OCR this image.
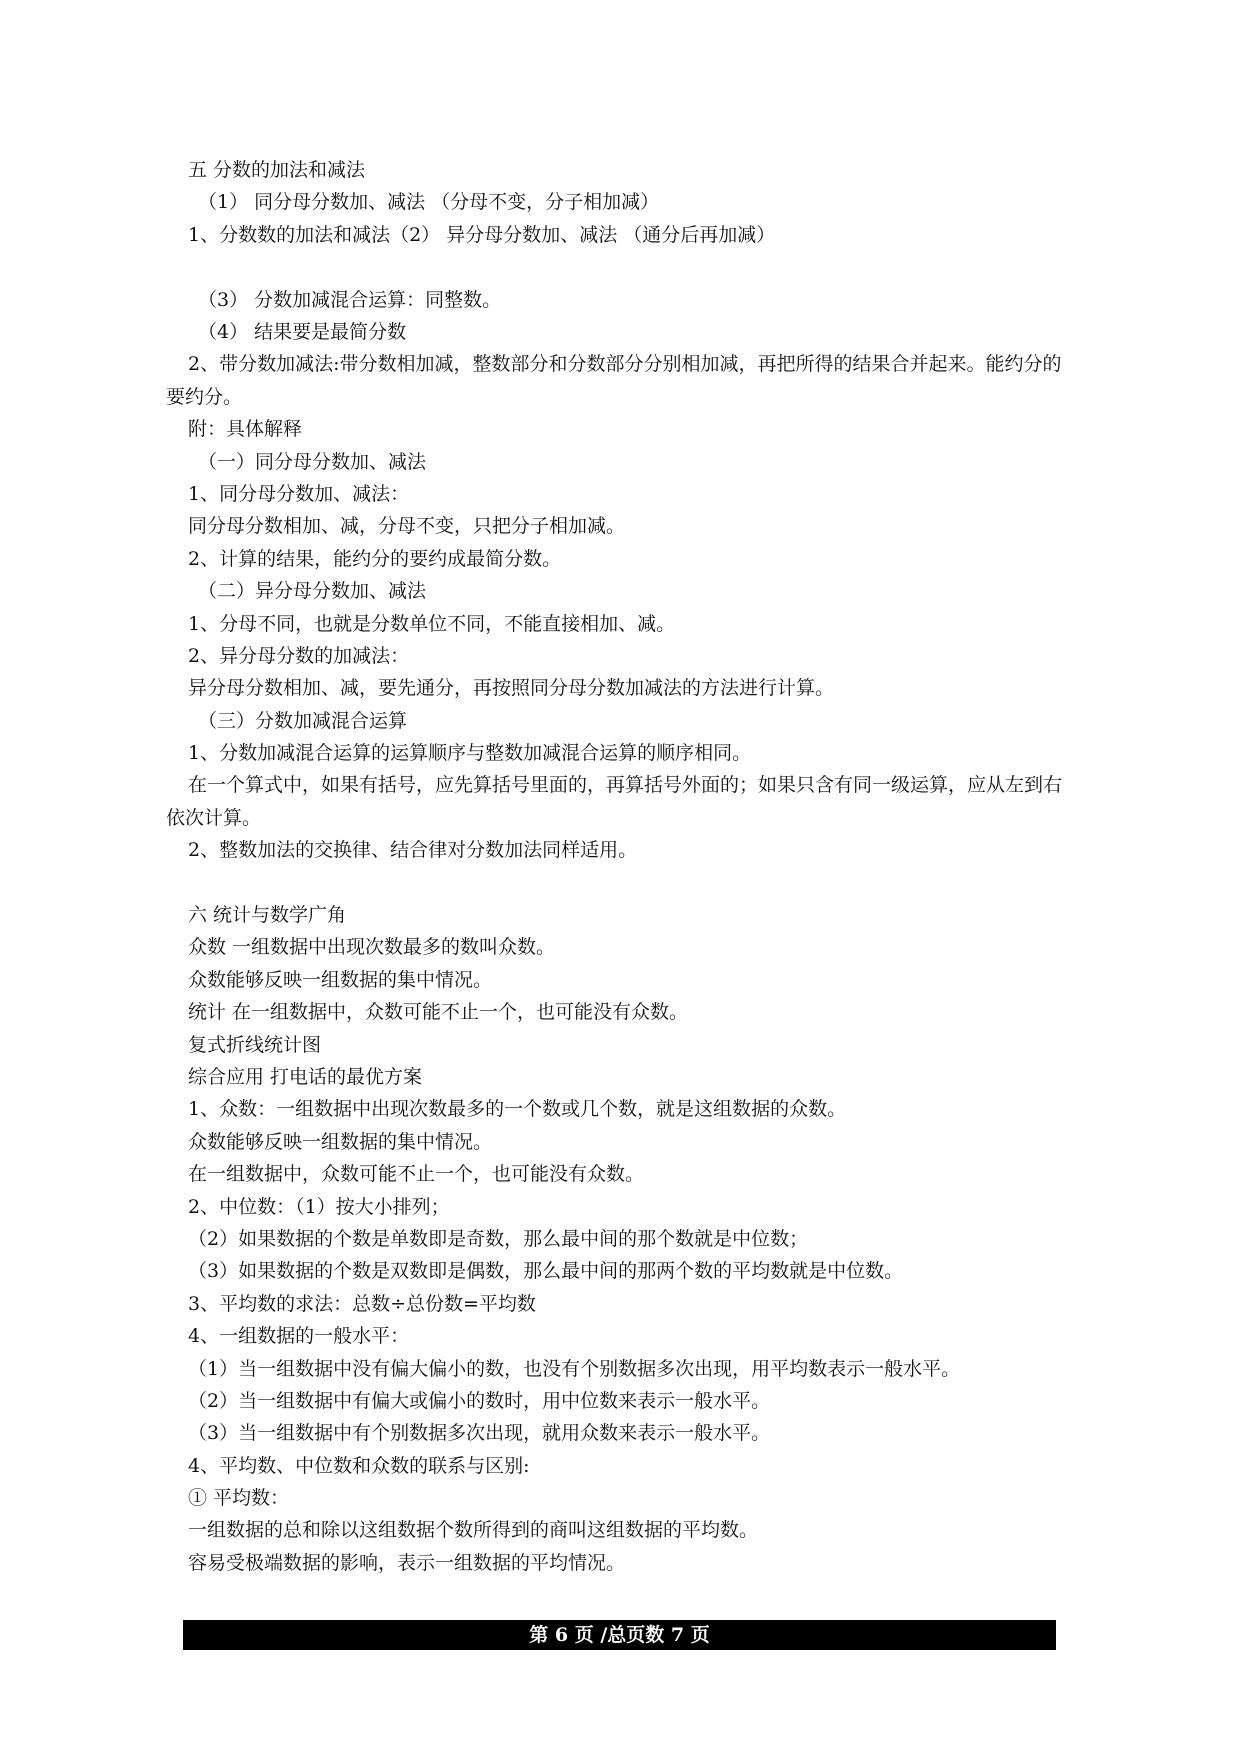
五 分数的加法和减法
（1） 同分母分数加、减法 （分母不变，分子相加减）
1、分数数的加法和减法（2） 异分母分数加、减法 （通分后再加减）
（3） 分数加减混合运算：同整数。
（4） 结果要是最简分数
2、带分数加减法:带分数相加减，整数部分和分数部分分别相加减，再把所得的结果合并起来。能约分的要约分。
附：具体解释
（一）同分母分数加、减法
1、同分母分数加、减法：
同分母分数相加、减，分母不变，只把分子相加减。
2、计算的结果，能约分的要约成最简分数。
（二）异分母分数加、减法
1、分母不同，也就是分数单位不同，不能直接相加、减。
2、异分母分数的加减法：
异分母分数相加、减，要先通分，再按照同分母分数加减法的方法进行计算。
（三）分数加减混合运算
1、分数加减混合运算的运算顺序与整数加减混合运算的顺序相同。
在一个算式中，如果有括号，应先算括号里面的，再算括号外面的；如果只含有同一级运算，应从左到右依次计算。
2、整数加法的交换律、结合律对分数加法同样适用。
六 统计与数学广角
众数 一组数据中出现次数最多的数叫众数。
众数能够反映一组数据的集中情况。
统计 在一组数据中，众数可能不止一个，也可能没有众数。
复式折线统计图
综合应用 打电话的最优方案
1、众数：一组数据中出现次数最多的一个数或几个数，就是这组数据的众数。
众数能够反映一组数据的集中情况。
在一组数据中，众数可能不止一个，也可能没有众数。
2、中位数：（1）按大小排列；
（2）如果数据的个数是单数即是奇数，那么最中间的那个数就是中位数；
（3）如果数据的个数是双数即是偶数，那么最中间的那两个数的平均数就是中位数。
3、平均数的求法：总数÷总份数=平均数
4、一组数据的一般水平：
（1）当一组数据中没有偏大偏小的数，也没有个别数据多次出现，用平均数表示一般水平。
（2）当一组数据中有偏大或偏小的数时，用中位数来表示一般水平。
（3）当一组数据中有个别数据多次出现，就用众数来表示一般水平。
4、平均数、中位数和众数的联系与区别:
① 平均数：
一组数据的总和除以这组数据个数所得到的商叫这组数据的平均数。
容易受极端数据的影响，表示一组数据的平均情况。
第 6 页 /总页数 7 页
